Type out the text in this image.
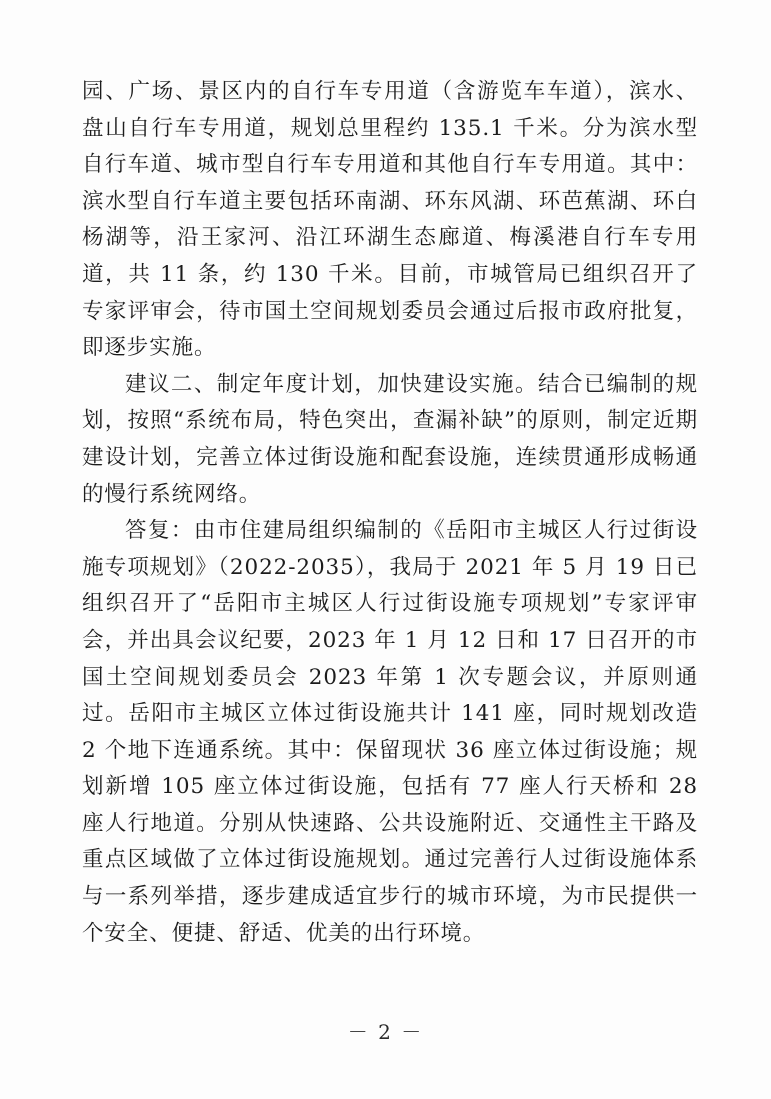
园、广场、景区内的自行车专用道（含游览车车道），滨水、盘山自行车专用道，规划总里程约 135.1 千米。分为滨水型自行车道、城市型自行车专用道和其他自行车专用道。其中：滨水型自行车道主要包括环南湖、环东风湖、环芭蕉湖、环白杨湖等，沿王家河、沿江环湖生态廊道、梅溪港自行车专用道，共 11 条，约 130 千米。目前，市城管局已组织召开了专家评审会，待市国土空间规划委员会通过后报市政府批复，即逐步实施。

建议二、制定年度计划，加快建设实施。结合已编制的规划，按照“系统布局，特色突出，查漏补缺”的原则，制定近期建设计划，完善立体过街设施和配套设施，连续贯通形成畅通的慢行系统网络。

答复：由市住建局组织编制的《岳阳市主城区人行过街设施专项规划》（2022-2035），我局于 2021 年 5 月 19 日已组织召开了“岳阳市主城区人行过街设施专项规划”专家评审会，并出具会议纪要，2023 年 1 月 12 日和 17 日召开的市国土空间规划委员会 2023 年第 1 次专题会议，并原则通过。岳阳市主城区立体过街设施共计 141 座，同时规划改造 2 个地下连通系统。其中：保留现状 36 座立体过街设施；规划新增 105 座立体过街设施，包括有 77 座人行天桥和 28 座人行地道。分别从快速路、公共设施附近、交通性主干路及重点区域做了立体过街设施规划。通过完善行人过街设施体系与一系列举措，逐步建成适宜步行的城市环境，为市民提供一个安全、便捷、舒适、优美的出行环境。

－ 2 －
